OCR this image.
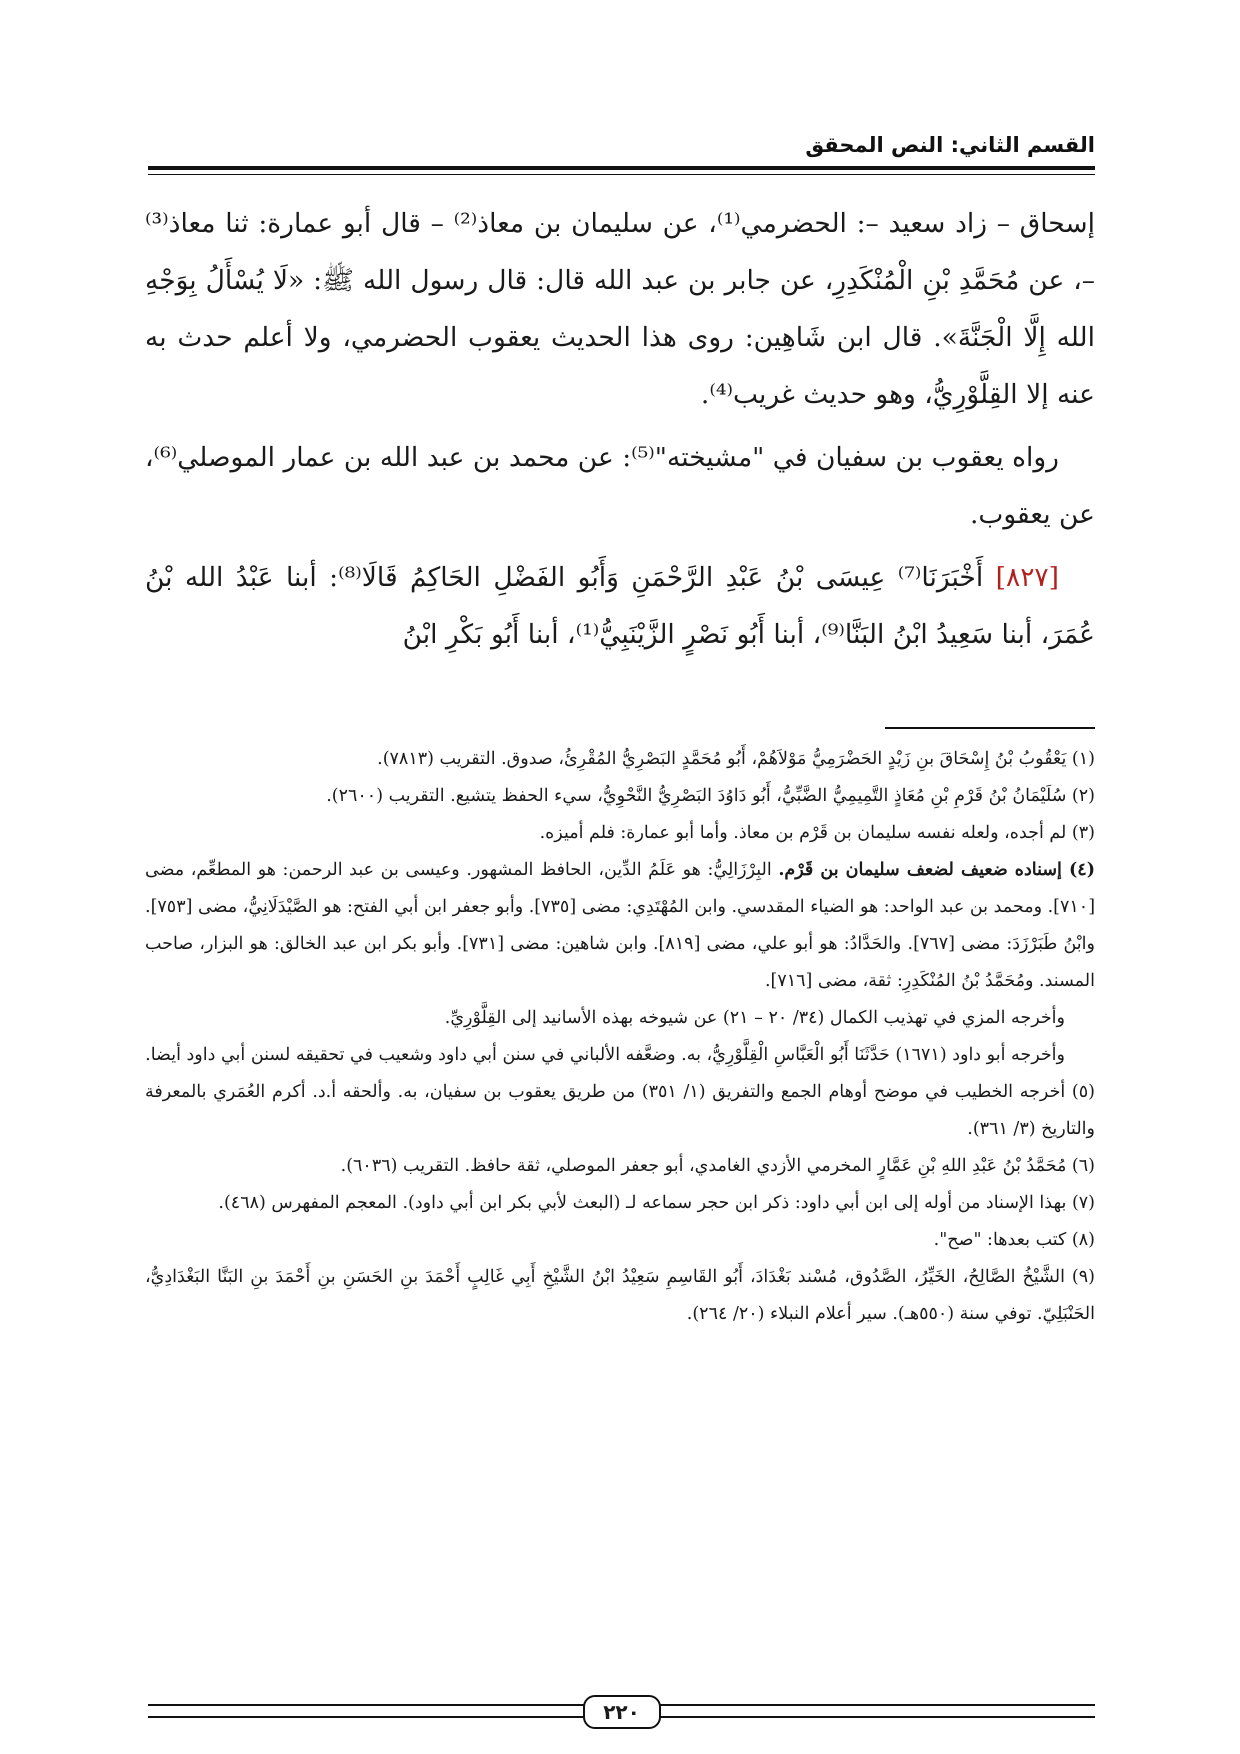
القسم الثاني: النص المحقق

إسحاق – زاد سعيد –: الحضرمي⁽¹⁾، عن سليمان بن معاذ⁽²⁾ – قال أبو عمارة: ثنا معاذ⁽³⁾ –، عن مُحَمَّدِ بْنِ الْمُنْكَدِرِ، عن جابر بن عبد الله قال: قال رسول الله ﷺ: «لَا يُسْأَلُ بِوَجْهِ الله إِلَّا الْجَنَّةَ». قال ابن شَاهِين: روى هذا الحديث يعقوب الحضرمي، ولا أعلم حدث به عنه إلا القِلَّوْرِيُّ، وهو حديث غريب⁽⁴⁾.

رواه يعقوب بن سفيان في "مشيخته"⁽⁵⁾: عن محمد بن عبد الله بن عمار الموصلي⁽⁶⁾، عن يعقوب.

[٨٢٧] أَخْبَرَنَا⁽⁷⁾ عِيسَى بْنُ عَبْدِ الرَّحْمَنِ وَأَبُو الفَضْلِ الحَاكِمُ قَالَا⁽⁸⁾: أبنا عَبْدُ الله بْنُ عُمَرَ، أبنا سَعِيدُ ابْنُ البَنَّا⁽⁹⁾، أبنا أَبُو نَصْرٍ الزَّيْنَبِيُّ⁽¹⁾، أبنا أَبُو بَكْرِ ابْنُ

(١) يَعْقُوبُ بْنُ إِسْحَاقَ بنِ زَيْدٍ الحَضْرَمِيُّ مَوْلاَهُمْ، أَبُو مُحَمَّدٍ البَصْرِيُّ المُقْرِئُ، صدوق. التقريب (٧٨١٣).

(٢) سُلَيْمَانُ بْنُ قَرْمِ بْنِ مُعَاذٍ التَّمِيمِيُّ الضَّبِّيُّ، أَبُو دَاوُدَ البَصْرِيُّ النَّحْوِيُّ، سيء الحفظ يتشيع. التقريب (٢٦٠٠).

(٣) لم أجده، ولعله نفسه سليمان بن قَرْم بن معاذ. وأما أبو عمارة: فلم أميزه.

(٤) إسناده ضعيف لضعف سليمان بن قَرْم. البِرْزَالِيُّ: هو عَلَمُ الدِّين، الحافظ المشهور. وعيسى بن عبد الرحمن: هو المطعِّم، مضى [٧١٠]. ومحمد بن عبد الواحد: هو الضياء المقدسي. وابن المُهْتَدِي: مضى [٧٣٥]. وأبو جعفر ابن أبي الفتح: هو الصَّيْدَلَانِيُّ، مضى [٧٥٣]. وابْنُ طَبَرْزَدَ: مضى [٧٦٧]. والحَدَّادُ: هو أبو علي، مضى [٨١٩]. وابن شاهين: مضى [٧٣١]. وأبو بكر ابن عبد الخالق: هو البزار، صاحب المسند. ومُحَمَّدُ بْنُ المُنْكَدِرِ: ثقة، مضى [٧١٦].

وأخرجه المزي في تهذيب الكمال (٣٤/ ٢٠ – ٢١) عن شيوخه بهذه الأسانيد إلى القِلَّوْرِيِّ.

وأخرجه أبو داود (١٦٧١) حَدَّثَنَا أَبُو الْعَبَّاسِ الْقِلَّوْرِيُّ، به. وضعَّفه الألباني في سنن أبي داود وشعيب في تحقيقه لسنن أبي داود أيضا.

(٥) أخرجه الخطيب في موضح أوهام الجمع والتفريق (١/ ٣٥١) من طريق يعقوب بن سفيان، به. وألحقه أ.د. أكرم العُمَري بالمعرفة والتاريخ (٣/ ٣٦١).

(٦) مُحَمَّدُ بْنُ عَبْدِ اللهِ بْنِ عَمَّارٍ المخرمي الأزدي الغامدي، أبو جعفر الموصلي، ثقة حافظ. التقريب (٦٠٣٦).

(٧) بهذا الإسناد من أوله إلى ابن أبي داود: ذكر ابن حجر سماعه لـ (البعث لأبي بكر ابن أبي داود). المعجم المفهرس (٤٦٨).

(٨) كتب بعدها: "صح".

(٩) الشَّيْخُ الصَّالِحُ، الخَيِّرُ، الصَّدُوق، مُسْند بَغْدَادَ، أَبُو القَاسِمِ سَعِيْدُ ابْنُ الشَّيْخِ أَبِي غَالِبٍ أَحْمَدَ بنِ الحَسَنِ بنِ أَحْمَدَ بنِ البَنَّا البَغْدَادِيُّ، الحَنْبَلِيّ. توفي سنة (٥٥٠هـ). سير أعلام النبلاء (٢٠/ ٢٦٤).

٢٢٠
